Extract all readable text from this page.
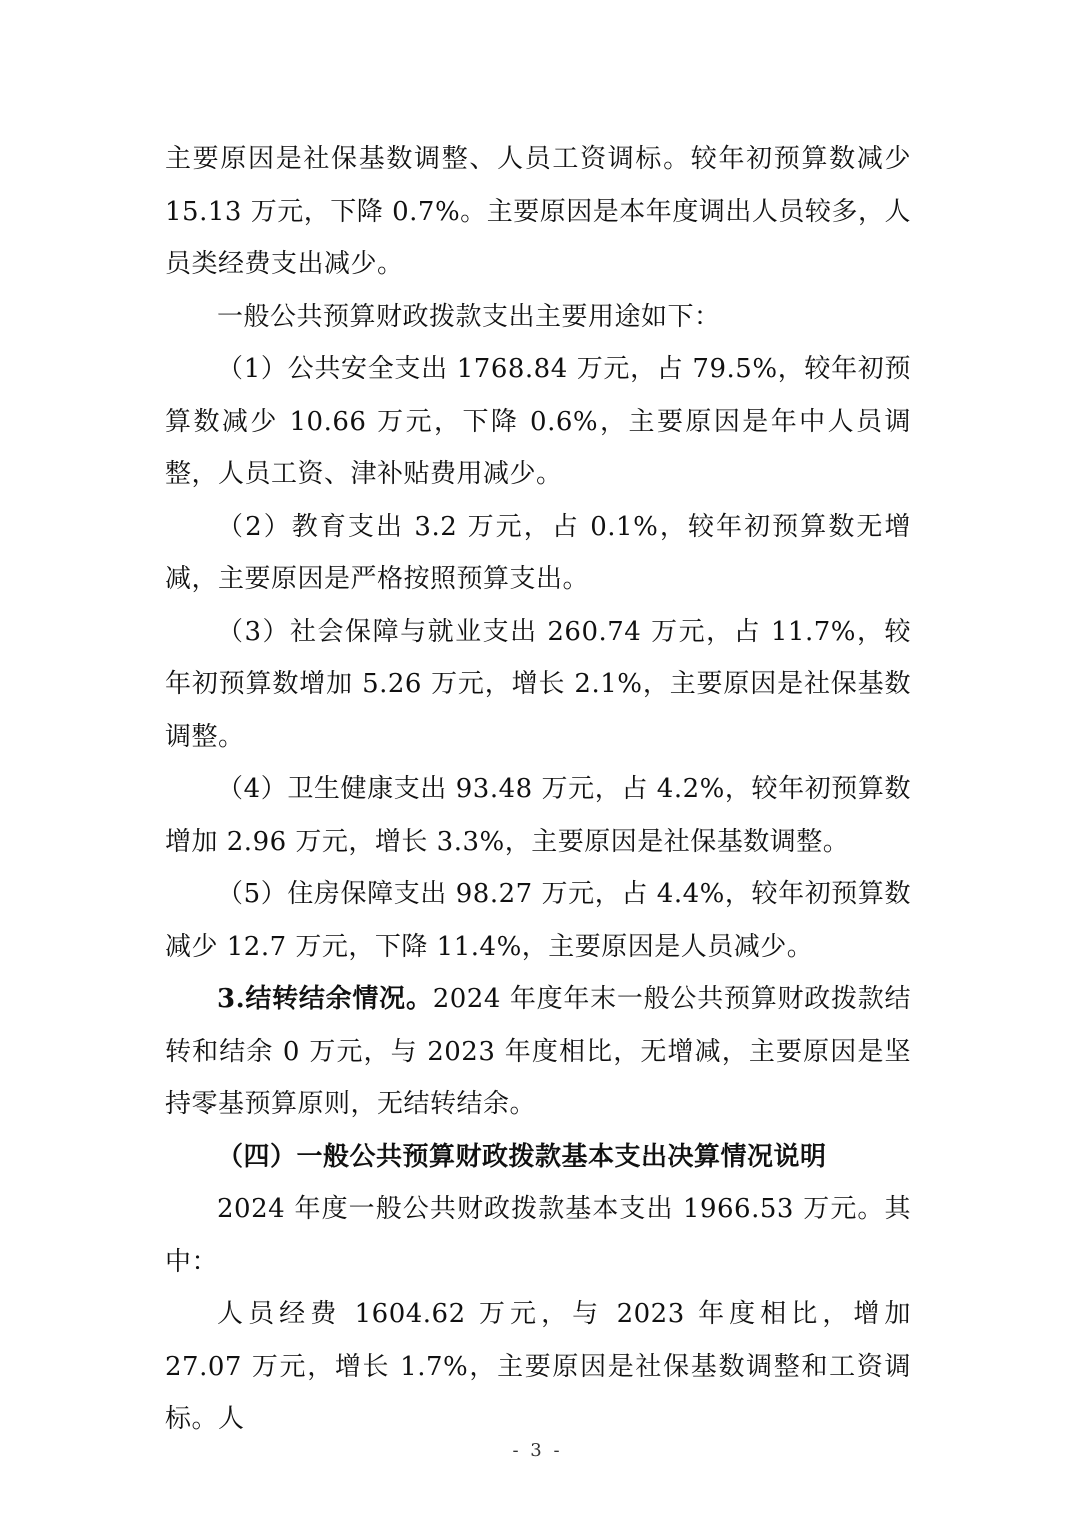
主要原因是社保基数调整、人员工资调标。较年初预算数减少 15.13 万元，下降 0.7%。主要原因是本年度调出人员较多，人员类经费支出减少。

一般公共预算财政拨款支出主要用途如下：

（1）公共安全支出 1768.84 万元，占 79.5%，较年初预算数减少 10.66 万元，下降 0.6%，主要原因是年中人员调整，人员工资、津补贴费用减少。

（2）教育支出 3.2 万元，占 0.1%，较年初预算数无增减，主要原因是严格按照预算支出。

（3）社会保障与就业支出 260.74 万元，占 11.7%，较年初预算数增加 5.26 万元，增长 2.1%，主要原因是社保基数调整。

（4）卫生健康支出 93.48 万元，占 4.2%，较年初预算数增加 2.96 万元，增长 3.3%，主要原因是社保基数调整。

（5）住房保障支出 98.27 万元，占 4.4%，较年初预算数减少 12.7 万元，下降 11.4%，主要原因是人员减少。

3.结转结余情况。2024 年度年末一般公共预算财政拨款结转和结余 0 万元，与 2023 年度相比，无增减，主要原因是坚持零基预算原则，无结转结余。

（四）一般公共预算财政拨款基本支出决算情况说明

2024 年度一般公共财政拨款基本支出 1966.53 万元。其中：

人员经费 1604.62 万元，与 2023 年度相比，增加 27.07 万元，增长 1.7%，主要原因是社保基数调整和工资调标。人

- 3 -
